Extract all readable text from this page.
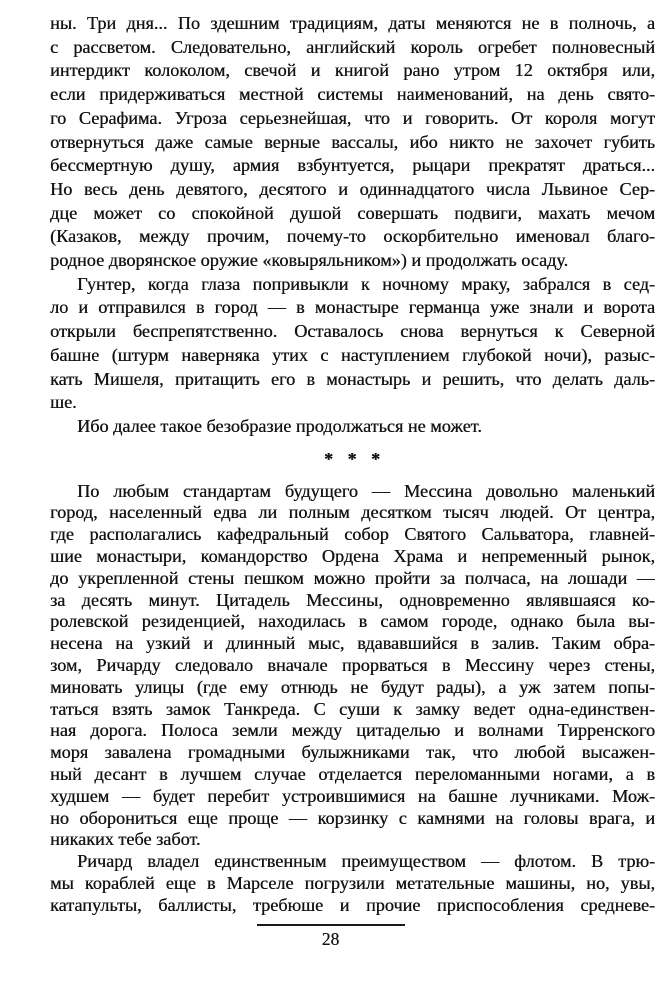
ны. Три дня... По здешним традициям, даты меняются не в полночь, а
с рассветом. Следовательно, английский король огребет полновесный
интердикт колоколом, свечой и книгой рано утром 12 октября или,
если придерживаться местной системы наименований, на день свято-
го Серафима. Угроза серьезнейшая, что и говорить. От короля могут
отвернуться даже самые верные вассалы, ибо никто не захочет губить
бессмертную душу, армия взбунтуется, рыцари прекратят драться...
Но весь день девятого, десятого и одиннадцатого числа Львиное Сер-
дце может со спокойной душой совершать подвиги, махать мечом
(Казаков, между прочим, почему-то оскорбительно именовал благо-
родное дворянское оружие «ковыряльником») и продолжать осаду.
Гунтер, когда глаза попривыкли к ночному мраку, забрался в сед-
ло и отправился в город — в монастыре германца уже знали и ворота
открыли беспрепятственно. Оставалось снова вернуться к Северной
башне (штурм наверняка утих с наступлением глубокой ночи), разыс-
кать Мишеля, притащить его в монастырь и решить, что делать даль-
ше.
Ибо далее такое безобразие продолжаться не может.
* * *
По любым стандартам будущего — Мессина довольно маленький
город, населенный едва ли полным десятком тысяч людей. От центра,
где располагались кафедральный собор Святого Сальватора, главней-
шие монастыри, командорство Ордена Храма и непременный рынок,
до укрепленной стены пешком можно пройти за полчаса, на лошади —
за десять минут. Цитадель Мессины, одновременно являвшаяся ко-
ролевской резиденцией, находилась в самом городе, однако была вы-
несена на узкий и длинный мыс, вдававшийся в залив. Таким обра-
зом, Ричарду следовало вначале прорваться в Мессину через стены,
миновать улицы (где ему отнюдь не будут рады), а уж затем попы-
таться взять замок Танкреда. С суши к замку ведет одна-единствен-
ная дорога. Полоса земли между цитаделью и волнами Тирренского
моря завалена громадными булыжниками так, что любой высажен-
ный десант в лучшем случае отделается переломанными ногами, а в
худшем — будет перебит устроившимися на башне лучниками. Мож-
но оборониться еще проще — корзинку с камнями на головы врага, и
никаких тебе забот.
Ричард владел единственным преимуществом — флотом. В трю-
мы кораблей еще в Марселе погрузили метательные машины, но, увы,
катапульты, баллисты, требюше и прочие приспособления средневе-
28
